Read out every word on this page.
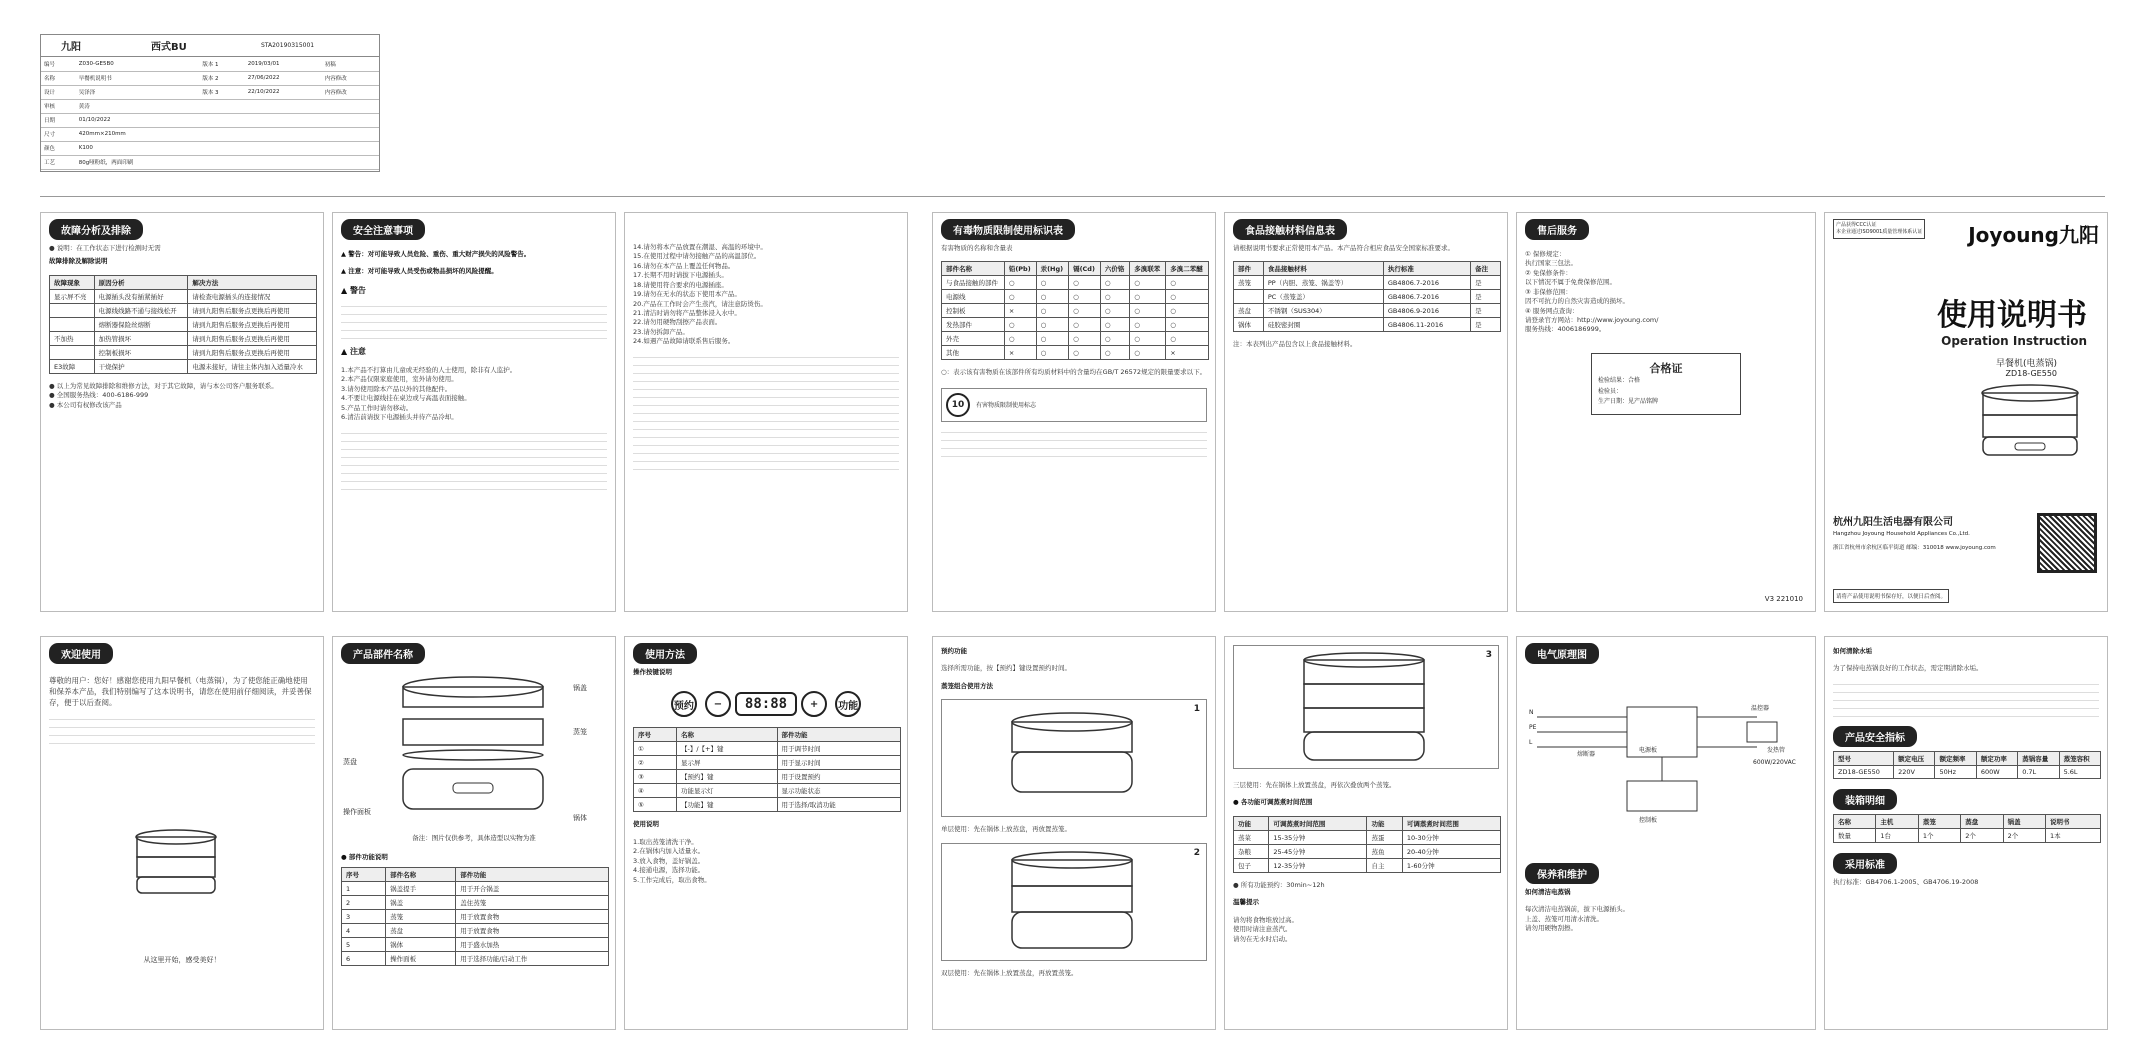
九阳	西式BU	STA20190315001
编号	Z030-GE5B0	版本 1	2019/03/01	初稿
名称	早餐机说明书	版本 2	27/06/2022	内容修改
设计	吴泽泽	版本 3	22/10/2022	内容修改
审核	黄涛			
日期	01/10/2022			
尺寸	420mm×210mm			
颜色	K100			
工艺	80g哑粉纸，两面印刷			
故障分析及排除
● 说明：在工作状态下进行检测时无需
故障排除及解除说明
故障现象	原因分析	解决方法
显示屏不亮	电源插头没有插紧插好	请检查电源插头的连接情况
	电源线线路不通与接线松开	请到九阳售后服务点更换后再使用
	熔断器保险丝熔断	请到九阳售后服务点更换后再使用
不加热	加热管损坏	请到九阳售后服务点更换后再使用
	控制板损坏	请到九阳售后服务点更换后再使用
E3故障	干烧保护	电源未接好，请往主体内加入适量冷水
● 以上为常见故障排除和维修方法，对于其它故障，请与本公司客户服务联系。
● 全国服务热线：400-6186-999
● 本公司有权修改该产品
安全注意事项
▲ 警告：对可能导致人员危险、重伤、重大财产损失的风险警告。
▲ 注意：对可能导致人员受伤或物品损坏的风险提醒。
▲ 警告
▲ 注意
1.本产品不打算由儿童或无经验的人士使用，除非有人监护。
2.本产品仅限家庭使用，室外请勿使用。
3.请勿使用除本产品以外的其他配件。
4.不要让电源线挂在桌边或与高温表面接触。
5.产品工作时请勿移动。
6.清洁前请拔下电源插头并待产品冷却。
14.请勿将本产品放置在潮湿、高温的环境中。
15.在使用过程中请勿接触产品的高温部位。
16.请勿在本产品上覆盖任何物品。
17.长期不用时请拔下电源插头。
18.请使用符合要求的电源插座。
19.请勿在无水的状态下使用本产品。
20.产品在工作时会产生蒸汽，请注意防烫伤。
21.清洁时请勿将产品整体浸入水中。
22.请勿用硬物刮擦产品表面。
23.请勿拆卸产品。
24.如遇产品故障请联系售后服务。
有毒物质限制使用标识表
有害物质的名称和含量表
部件名称	铅(Pb)	汞(Hg)	镉(Cd)	六价铬	多溴联苯	多溴二苯醚
与食品接触的部件	○	○	○	○	○	○
电源线	○	○	○	○	○	○
控制板	×	○	○	○	○	○
发热部件	○	○	○	○	○	○
外壳	○	○	○	○	○	○
其他	×	○	○	○	○	×
○：表示该有害物质在该部件所有均质材料中的含量均在GB/T 26572规定的限量要求以下。
10	有害物质限制使用标志
食品接触材料信息表
请根据说明书要求正常使用本产品。本产品符合相应食品安全国家标准要求。
部件	食品接触材料	执行标准	备注
蒸笼	PP（内胆、蒸笼、锅盖等）	GB4806.7-2016	是
	PC（蒸笼盖）	GB4806.7-2016	是
蒸盘	不锈钢（SUS304）	GB4806.9-2016	是
锅体	硅胶密封圈	GB4806.11-2016	是
注：本表列出产品包含以上食品接触材料。
售后服务
① 保修规定：
执行国家三包法。
② 免保修条件：
以下情况不属于免费保修范围。
③ 非保修范围：
因不可抗力的自然灾害造成的损坏。
④ 服务网点查询：
请登录官方网站：http://www.joyoung.com/
服务热线：4006186999。
合格证
检验结果：合格
检验员：
生产日期：见产品铭牌
V3 221010
产品获得CCC认证
本企业通过ISO9001质量管理体系认证 Joyoung九阳
使用说明书
Operation Instruction
早餐机(电蒸锅)
ZD18-GE550
杭州九阳生活电器有限公司
Hangzhou Joyoung Household Appliances Co.,Ltd.
浙江省杭州市余杭区临平街道 邮编：310018 www.joyoung.com
请将产品使用说明书保存好，以便日后查阅。
欢迎使用
尊敬的用户：您好！感谢您使用九阳早餐机（电蒸锅），为了使您能正确地使用和保养本产品，我们特别编写了这本说明书，请您在使用前仔细阅读，并妥善保存，便于以后查阅。
从这里开始，感受美好！
产品部件名称
锅盖
蒸笼
蒸盘
操作面板
锅体
备注：图片仅供参考，具体造型以实物为准
● 部件功能说明
序号	部件名称	部件功能
1	锅盖提手	用于开合锅盖
2	锅盖	盖住蒸笼
3	蒸笼	用于放置食物
4	蒸盘	用于放置食物
5	锅体	用于盛水加热
6	操作面板	用于选择功能/启动工作
使用方法
操作按键说明
预约	−	88:88	+	功能
序号	名称	部件功能
①	【-】/【+】键	用于调节时间
②	显示屏	用于显示时间
③	【预约】键	用于设置预约
④	功能显示灯	显示功能状态
⑤	【功能】键	用于选择/取消功能
使用说明
1.取出蒸笼清洗干净。
2.在锅体内加入适量水。
3.放入食物，盖好锅盖。
4.接通电源，选择功能。
5.工作完成后，取出食物。
预约功能
选择所需功能，按【预约】键设置预约时间。
蒸笼组合使用方法
1
单层使用：先在锅体上放蒸盘，再放置蒸笼。
2
双层使用：先在锅体上放置蒸盘，再放置蒸笼。
3
三层使用：先在锅体上放置蒸盘，再依次叠放两个蒸笼。
● 各功能可调蒸煮时间范围
功能	可调蒸煮时间范围	功能	可调蒸煮时间范围
蒸菜	15-35分钟	蒸蛋	10-30分钟
杂粮	25-45分钟	蒸鱼	20-40分钟
包子	12-35分钟	自主	1-60分钟
● 所有功能预约：30min~12h
温馨提示
请勿将食物堆放过高。
使用时请注意蒸汽。
请勿在无水时启动。
电气原理图
N
PE
L
电源板
控制板
发热管
600W/220VAC
温控器
熔断器
保养和维护
如何清洁电蒸锅
每次清洁电蒸锅前，拔下电源插头。
上盖、蒸笼可用清水清洗。
请勿用硬物刮擦。
如何清除水垢
为了保持电蒸锅良好的工作状态，需定期清除水垢。
产品安全指标
型号	额定电压	额定频率	额定功率	蒸锅容量	蒸笼容积
ZD18-GE550	220V	50Hz	600W	0.7L	5.6L
装箱明细
名称	主机	蒸笼	蒸盘	锅盖	说明书
数量	1台	1个	2个	2个	1本
采用标准
执行标准：GB4706.1-2005、GB4706.19-2008
